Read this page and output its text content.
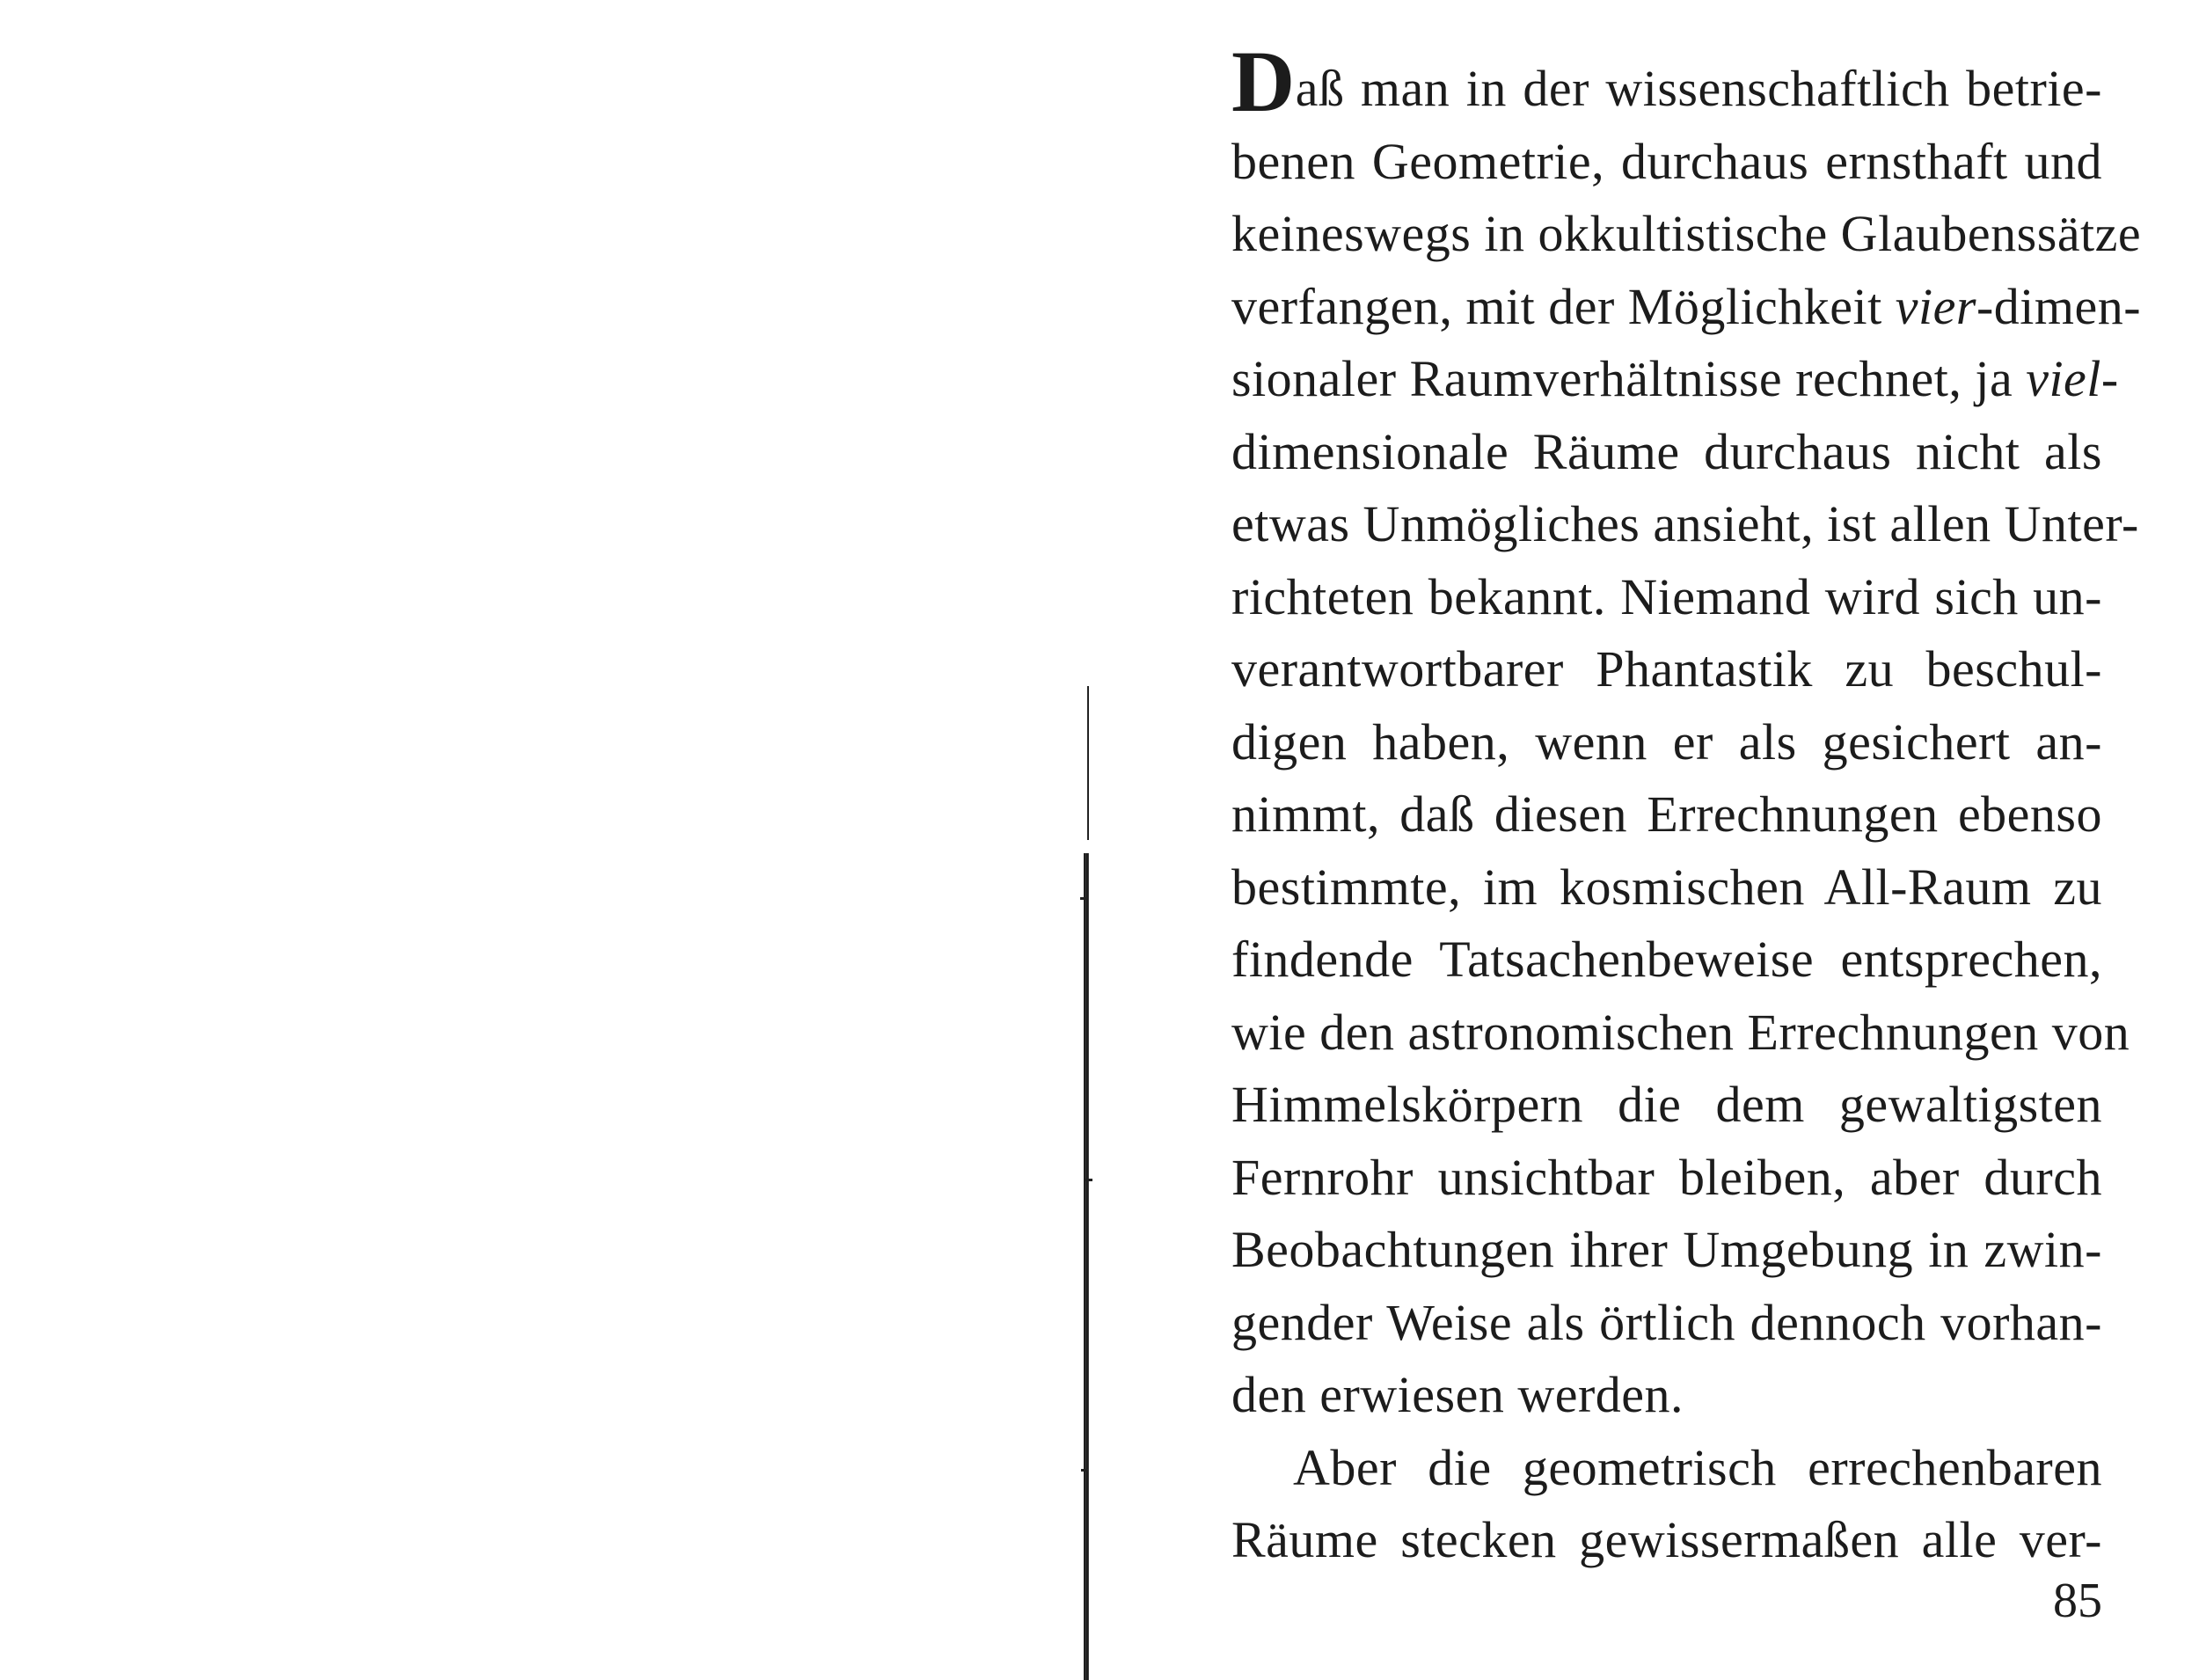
Daß man in der wissenschaftlich betrie-
benen Geometrie, durchaus ernsthaft und
keineswegs in okkultistische Glaubenssätze
verfangen, mit der Möglichkeit vier-dimen-
sionaler Raumverhältnisse rechnet, ja viel-
dimensionale Räume durchaus nicht als
etwas Unmögliches ansieht, ist allen Unter-
richteten bekannt. Niemand wird sich un-
verantwortbarer Phantastik zu beschul-
digen haben, wenn er als gesichert an-
nimmt, daß diesen Errechnungen ebenso
bestimmte, im kosmischen All-Raum zu
findende Tatsachenbeweise entsprechen,
wie den astronomischen Errechnungen von
Himmelskörpern die dem gewaltigsten
Fernrohr unsichtbar bleiben, aber durch
Beobachtungen ihrer Umgebung in zwin-
gender Weise als örtlich dennoch vorhan-
den erwiesen werden.
Aber die geometrisch errechenbaren
Räume stecken gewissermaßen alle ver-
85
